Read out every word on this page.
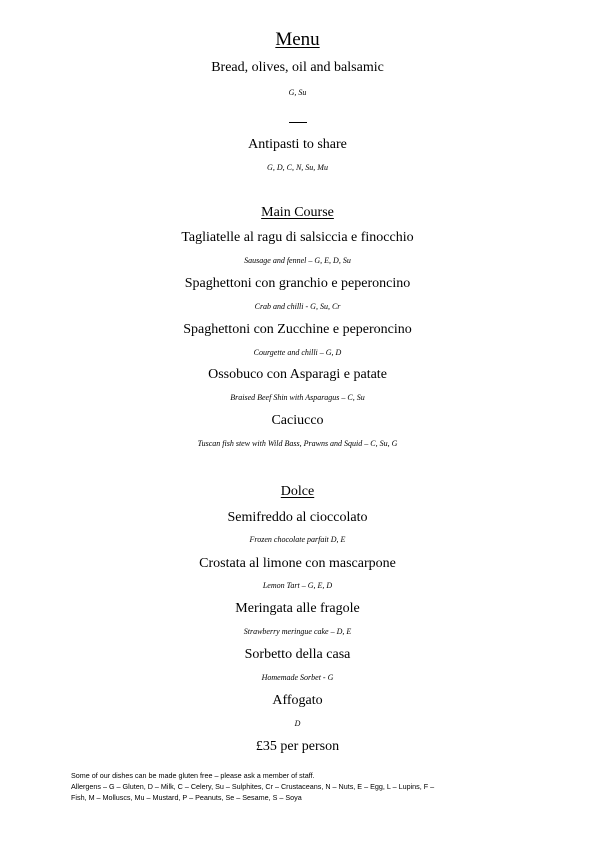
Menu
Bread, olives, oil and balsamic
G, Su
Antipasti to share
G, D, C, N, Su, Mu
Main Course
Tagliatelle al ragu di salsiccia e finocchio
Sausage and fennel – G, E, D, Su
Spaghettoni con granchio e peperoncino
Crab and chilli - G, Su, Cr
Spaghettoni con Zucchine e peperoncino
Courgette and chilli – G, D
Ossobuco con Asparagi e patate
Braised Beef Shin with Asparagus – C, Su
Caciucco
Tuscan fish stew with Wild Bass, Prawns and Squid – C, Su, G
Dolce
Semifreddo al cioccolato
Frozen chocolate parfait D, E
Crostata al limone con mascarpone
Lemon Tart – G, E, D
Meringata alle fragole
Strawberry meringue cake – D, E
Sorbetto della casa
Homemade Sorbet - G
Affogato
D
£35 per person
Some of our dishes can be made gluten free – please ask a member of staff.
Allergens – G – Gluten, D – Milk, C – Celery, Su – Sulphites, Cr – Crustaceans, N – Nuts, E – Egg, L – Lupins, F –
Fish, M – Molluscs, Mu – Mustard, P – Peanuts, Se – Sesame, S – Soya
